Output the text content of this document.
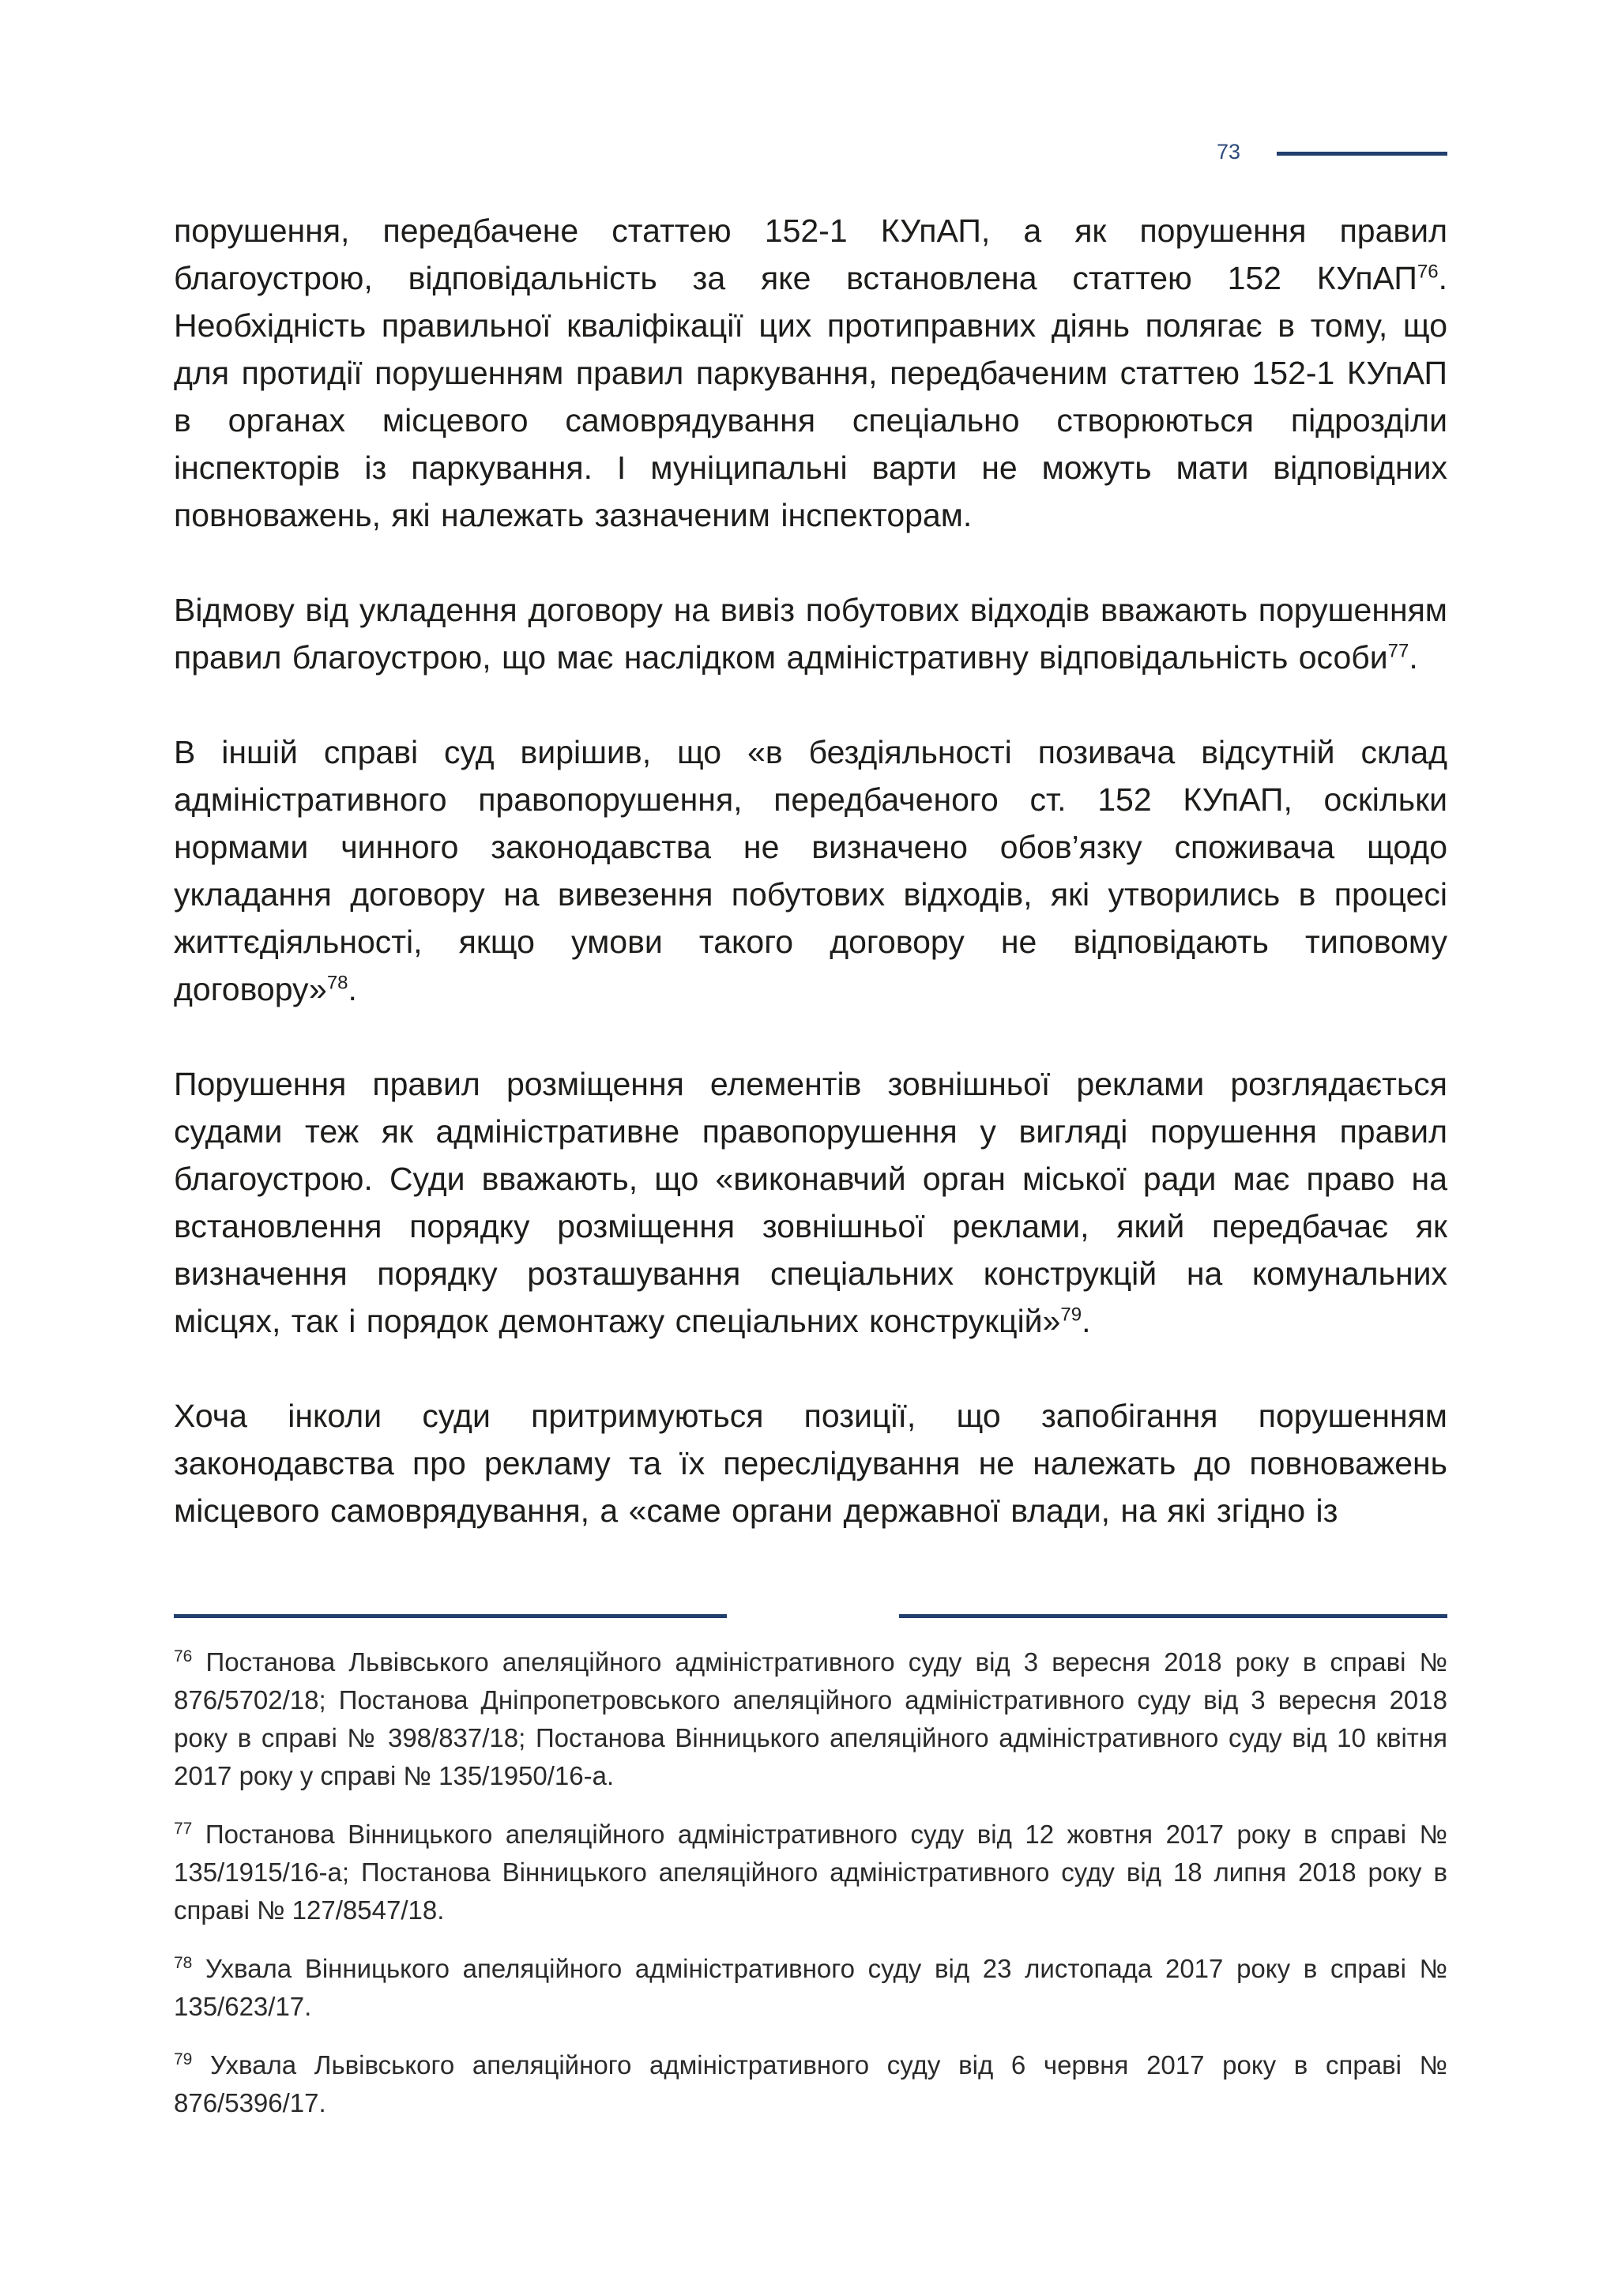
73

порушення, передбачене статтею 152-1 КУпАП, а як порушення правил благоустрою, відповідальність за яке встановлена статтею 152 КУпАП$^{76}$. Необхідність правильної кваліфікації цих протиправних діянь полягає в тому, що для протидії порушенням правил паркування, передбаченим статтею 152-1 КУпАП в органах місцевого самоврядування спеціально створюються підрозділи інспекторів із паркування. І муніципальні варти не можуть мати відповідних повноважень, які належать зазначеним інспекторам.

Відмову від укладення договору на вивіз побутових відходів вважають порушенням правил благоустрою, що має наслідком адміністративну відповідальність особи$^{77}$.

В іншій справі суд вирішив, що «в бездіяльності позивача відсутній склад адміністративного правопорушення, передбаченого ст. 152 КУпАП, оскільки нормами чинного законодавства не визначено обов’язку споживача щодо укладання договору на вивезення побутових відходів, які утворились в процесі життєдіяльності, якщо умови такого договору не відповідають типовому договору»$^{78}$.

Порушення правил розміщення елементів зовнішньої реклами розглядається судами теж як адміністративне правопорушення у вигляді порушення правил благоустрою. Суди вважають, що «виконавчий орган міської ради має право на встановлення порядку розміщення зовнішньої реклами, який передбачає як визначення порядку розташування спеціальних конструкцій на комунальних місцях, так і порядок демонтажу спеціальних конструкцій»$^{79}$.

Хоча інколи суди притримуються позиції, що запобігання порушенням законодавства про рекламу та їх переслідування не належать до повноважень місцевого самоврядування, а «саме органи державної влади, на які згідно із

$^{76}$ Постанова Львівського апеляційного адміністративного суду від 3 вересня 2018 року в справі № 876/5702/18; Постанова Дніпропетровського апеляційного адміністративного суду від 3 вересня 2018 року в справі № 398/837/18; Постанова Вінницького апеляційного адміністративного суду від 10 квітня 2017 року у справі № 135/1950/16-а.

$^{77}$ Постанова Вінницького апеляційного адміністративного суду від 12 жовтня 2017 року в справі № 135/1915/16-а; Постанова Вінницького апеляційного адміністративного суду від 18 липня 2018 року в справі № 127/8547/18.

$^{78}$ Ухвала Вінницького апеляційного адміністративного суду від 23 листопада 2017 року в справі № 135/623/17.

$^{79}$ Ухвала Львівського апеляційного адміністративного суду від 6 червня 2017 року в справі № 876/5396/17.
